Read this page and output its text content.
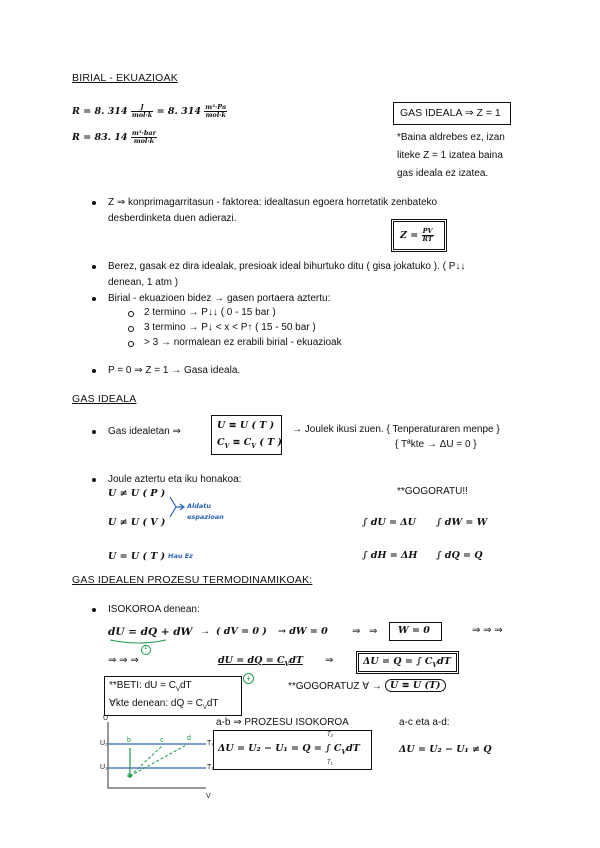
BIRIAL - EKUAZIOAK
R = 8. $314 \frac{J}{\text{mol·k}} = 8$. $314 \frac{\text{m³·Pa}}{\text{mol·k}}$
R = 83. $14 \frac{\text{m³·bar}}{\text{mol·k}}$
GAS IDEALA ⇒ Z = 1
*Baina aldrebes ez, izan
liteke Z = 1 izatea baina
gas ideala ez izatea.
Z ⇒ konprimagarritasun - faktorea: idealtasun egoera horretatik zenbateko
desberdinketa duen adierazi.
$Z = \frac{PV}{RT}$
Berez, gasak ez dira idealak, presioak ideal bihurtuko ditu ( gisa jokatuko ). ( P↓↓
denean, 1 atm )
Birial - ekuazioen bidez → gasen portaera aztertu:
2 termino → P↓↓ ( 0 - 15 bar )
3 termino → P↓ < x < P↑ ( 15 - 50 bar )
> 3 → normalean ez erabili birial - ekuazioak
P = 0 ⇒ Z = 1 → Gasa ideala.
GAS IDEALA
Gas idealetan ⇒
U ≡ U ( T )
$C_V \equiv C_V$ ( T )
→ Joulek ikusi zuen. { Tenperaturaren menpe }
{ Tªkte → ΔU = 0 }
Joule aztertu eta iku honakoa:
U ≠ U ( P )
U ≠ U ( V )
U = U ( T )
Aldatu
espazioan
Hau Ez
**GOGORATU!!
∫ dU = ΔU ∫ dW = W
∫ dH = ΔH ∫ dQ = Q
GAS IDEALEN PROZESU TERMODINAMIKOAK:
ISOKOROA denean:
dU = dQ + dW
1
→ ( dV = 0 ) → dW = 0 ⇒ ⇒ W = 0	⇒ ⇒ ⇒
⇒ ⇒ ⇒	dU = dQ = $C_VdT$ ⇒	ΔU = Q = ∫ $C_VdT$
**BETI: dU = $C_VdT$
∀kte denean: dQ = $C_VdT$
+
**GOGORATUZ ∀ → U ≡ U (T)
a-b ⇒ PROZESU ISOKOROA
ΔU = U₂ − U₁ = Q = ∫ $C_VdT$
T₂
T₁
a-c eta a-d:
ΔU = U₂ − U₁ ≠ Q
U
V
U₂
U₁
T₂
T₁
a
b	c	d
